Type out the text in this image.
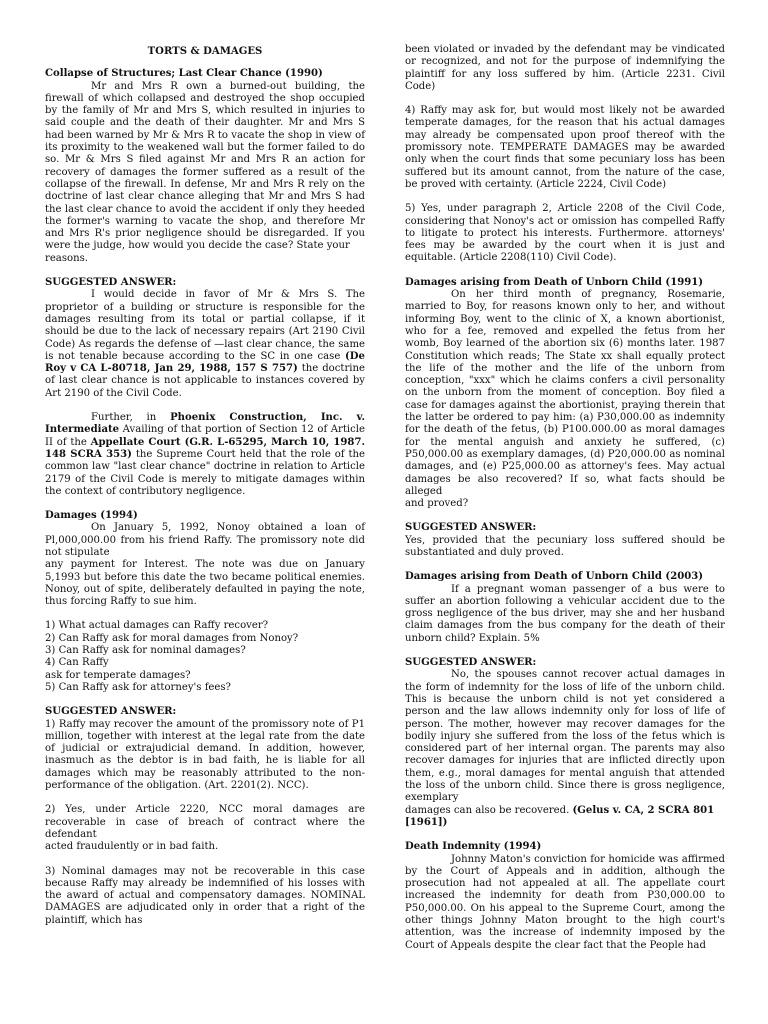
TORTS & DAMAGES

Collapse of Structures; Last Clear Chance (1990)

Mr and Mrs R own a burned-out building, the firewall of which collapsed and destroyed the shop occupied by the family of Mr and Mrs S, which resulted in injuries to said couple and the death of their daughter. Mr and Mrs S had been warned by Mr & Mrs R to vacate the shop in view of its proximity to the weakened wall but the former failed to do so. Mr & Mrs S filed against Mr and Mrs R an action for recovery of damages the former suffered as a result of the collapse of the firewall. In defense, Mr and Mrs R rely on the doctrine of last clear chance alleging that Mr and Mrs S had the last clear chance to avoid the accident if only they heeded the former's warning to vacate the shop, and therefore Mr and Mrs R's prior negligence should be disregarded. If you were the judge, how would you decide the case? State your

reasons.

SUGGESTED ANSWER:

I would decide in favor of Mr & Mrs S. The proprietor of a building or structure is responsible for the damages resulting from its total or partial collapse, if it should be due to the lack of necessary repairs (Art 2190 Civil Code) As regards the defense of —last clear chance, the same is not tenable because according to the SC in one case (De Roy v CA L-80718, Jan 29, 1988, 157 S 757) the doctrine of last clear chance is not applicable to instances covered by Art 2190 of the Civil Code.

Further, in Phoenix Construction, Inc. v. Intermediate Availing of that portion of Section 12 of Article II of the Appellate Court (G.R. L-65295, March 10, 1987. 148 SCRA 353) the Supreme Court held that the role of the common law "last clear chance" doctrine in relation to Article 2179 of the Civil Code is merely to mitigate damages within the context of contributory negligence.

Damages (1994)

On January 5, 1992, Nonoy obtained a loan of Pl,000,000.00 from his friend Raffy. The promissory note did not stipulate

any payment for Interest. The note was due on January 5,1993 but before this date the two became political enemies. Nonoy, out of spite, deliberately defaulted in paying the note, thus forcing Raffy to sue him.

1) What actual damages can Raffy recover?

2) Can Raffy ask for moral damages from Nonoy?

3) Can Raffy ask for nominal damages?

4) Can Raffy

ask for temperate damages?

5) Can Raffy ask for attorney's fees?

SUGGESTED ANSWER:

1) Raffy may recover the amount of the promissory note of P1 million, together with interest at the legal rate from the date of judicial or extrajudicial demand. In addition, however, inasmuch as the debtor is in bad faith, he is liable for all damages which may be reasonably attributed to the non-performance of the obligation. (Art. 2201(2). NCC).

2) Yes, under Article 2220, NCC moral damages are recoverable in case of breach of contract where the defendant

acted fraudulently or in bad faith.

3) Nominal damages may not be recoverable in this case because Raffy may already be indemnified of his losses with the award of actual and compensatory damages. NOMINAL DAMAGES are adjudicated only in order that a right of the plaintiff, which has

been violated or invaded by the defendant may be vindicated or recognized, and not for the purpose of indemnifying the plaintiff for any loss suffered by him. (Article 2231. Civil Code)

4) Raffy may ask for, but would most likely not be awarded temperate damages, for the reason that his actual damages may already be compensated upon proof thereof with the promissory note. TEMPERATE DAMAGES may be awarded only when the court finds that some pecuniary loss has been suffered but its amount cannot, from the nature of the case, be proved with certainty. (Article 2224, Civil Code)

5) Yes, under paragraph 2, Article 2208 of the Civil Code, considering that Nonoy's act or omission has compelled Raffy to litigate to protect his interests. Furthermore. attorneys' fees may be awarded by the court when it is just and equitable. (Article 2208(110) Civil Code).

Damages arising from Death of Unborn Child (1991)

On her third month of pregnancy, Rosemarie, married to Boy, for reasons known only to her, and without informing Boy, went to the clinic of X, a known abortionist, who for a fee, removed and expelled the fetus from her womb, Boy learned of the abortion six (6) months later. 1987 Constitution which reads; The State xx shall equally protect the life of the mother and the life of the unborn from conception, "xxx" which he claims confers a civil personality on the unborn from the moment of conception. Boy filed a case for damages against the abortionist, praying therein that the latter be ordered to pay him: (a) P30,000.00 as indemnity for the death of the fetus, (b) P100.000.00 as moral damages for the mental anguish and anxiety he suffered, (c) P50,000.00 as exemplary damages, (d) P20,000.00 as nominal damages, and (e) P25,000.00 as attorney's fees. May actual damages be also recovered? If so, what facts should be alleged

and proved?

SUGGESTED ANSWER:

Yes, provided that the pecuniary loss suffered should be substantiated and duly proved.

Damages arising from Death of Unborn Child (2003)

If a pregnant woman passenger of a bus were to suffer an abortion following a vehicular accident due to the gross negligence of the bus driver, may she and her husband claim damages from the bus company for the death of their unborn child? Explain. 5%

SUGGESTED ANSWER:

No, the spouses cannot recover actual damages in the form of indemnity for the loss of life of the unborn child. This is because the unborn child is not yet considered a person and the law allows indemnity only for loss of life of person. The mother, however may recover damages for the bodily injury she suffered from the loss of the fetus which is considered part of her internal organ. The parents may also recover damages for injuries that are inflicted directly upon them, e.g., moral damages for mental anguish that attended the loss of the unborn child. Since there is gross negligence, exemplary

damages can also be recovered. (Gelus v. CA, 2 SCRA 801 [1961])

Death Indemnity (1994)

Johnny Maton's conviction for homicide was affirmed by the Court of Appeals and in addition, although the prosecution had not appealed at all. The appellate court increased the indemnity for death from P30,000.00 to P50,000.00. On his appeal to the Supreme Court, among the other things Johnny Maton brought to the high court's attention, was the increase of indemnity imposed by the Court of Appeals despite the clear fact that the People had
